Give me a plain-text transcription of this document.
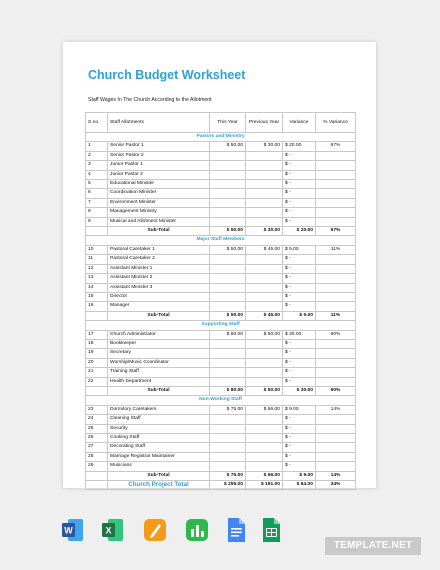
Church Budget Worksheet
Staff Wages In The Church According to the Allotment
S.no.	Staff Allotments	This Year	Previous Year	Variance	% Variance
Pastors and Ministry					
1	Senior Pastor 1	$ 50.00	$ 30.00	$ 20.00	67%
2	Senior Pastor 2			$ -	
3	Junior Pastor 1			$ -	
4	Junior Pastor 2			$ -	
5	Educational Minister			$ -	
6	Coordination Minister			$ -	
7	Environment Minister			$ -	
8	Management Ministry			$ -	
9	Musical and Allotment Minister			$ -	
	Sub-Total	$ 50.00	$ 30.00	$ 20.00	67%
Major Staff Members					
10	Pastoral Caretaker 1	$ 50.00	$ 45.00	$ 5.00	11%
11	Pastoral Caretaker 2			$ -	
12	Assistant Minister 1			$ -	
13	Assistant Minister 2			$ -	
14	Assistant Minister 3			$ -	
15	Director			$ -	
16	Manager			$ -	
	Sub-Total	$ 50.00	$ 45.00	$ 5.00	11%
Supporting Staff					
17	Church Administrator	$ 80.00	$ 50.00	$ 30.00	60%
18	Bookkeeper			$ -	
19	Secretary			$ -	
20	Worship/Music Coordinator			$ -	
21	Training Staff			$ -	
22	Health Department			$ -	
	Sub-Total	$ 80.00	$ 50.00	$ 30.00	60%
Non-Working Staff					
23	Dormitory Caretakers	$ 75.00	$ 66.00	$ 9.00	14%
24	Cleaning Staff			$ -	
25	Security			$ -	
26	Cooking Staff			$ -	
27	Decorating Staff			$ -	
28	Marriage Registrar Maintainer			$ -	
29	Musicians			$ -	
	Sub-Total	$ 75.00	$ 66.00	$ 9.00	14%
	Church Project Total	$ 255.00	$ 191.00	$ 64.00	34%
W	X
TEMPLATE.NET
